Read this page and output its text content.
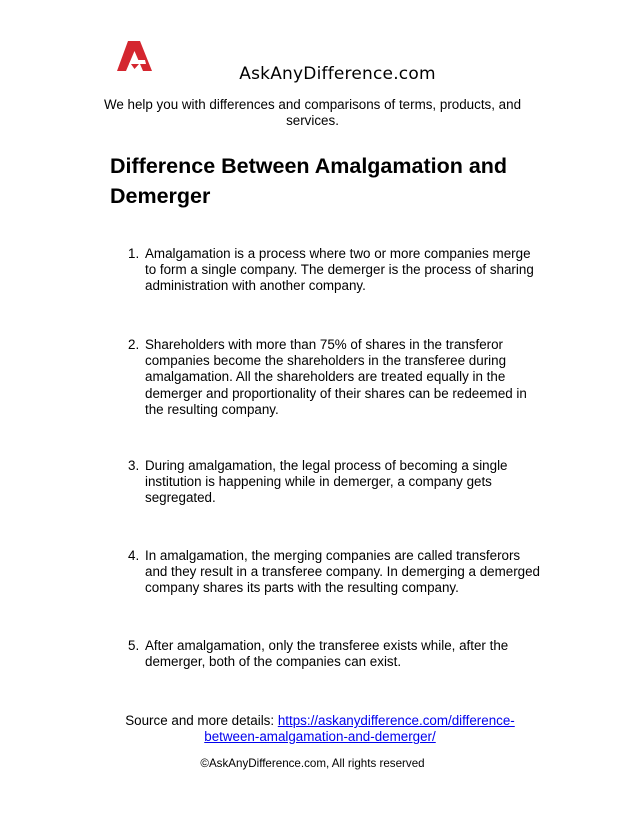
AskAnyDifference.com
We help you with differences and comparisons of terms, products, and services.
Difference Between Amalgamation and Demerger
1. Amalgamation is a process where two or more companies merge to form a single company. The demerger is the process of sharing administration with another company.
2. Shareholders with more than 75% of shares in the transferor companies become the shareholders in the transferee during amalgamation. All the shareholders are treated equally in the demerger and proportionality of their shares can be redeemed in the resulting company.
3. During amalgamation, the legal process of becoming a single institution is happening while in demerger, a company gets segregated.
4. In amalgamation, the merging companies are called transferors and they result in a transferee company. In demerging a demerged company shares its parts with the resulting company.
5. After amalgamation, only the transferee exists while, after the demerger, both of the companies can exist.
Source and more details: https://askanydifference.com/difference-between-amalgamation-and-demerger/
©AskAnyDifference.com, All rights reserved
